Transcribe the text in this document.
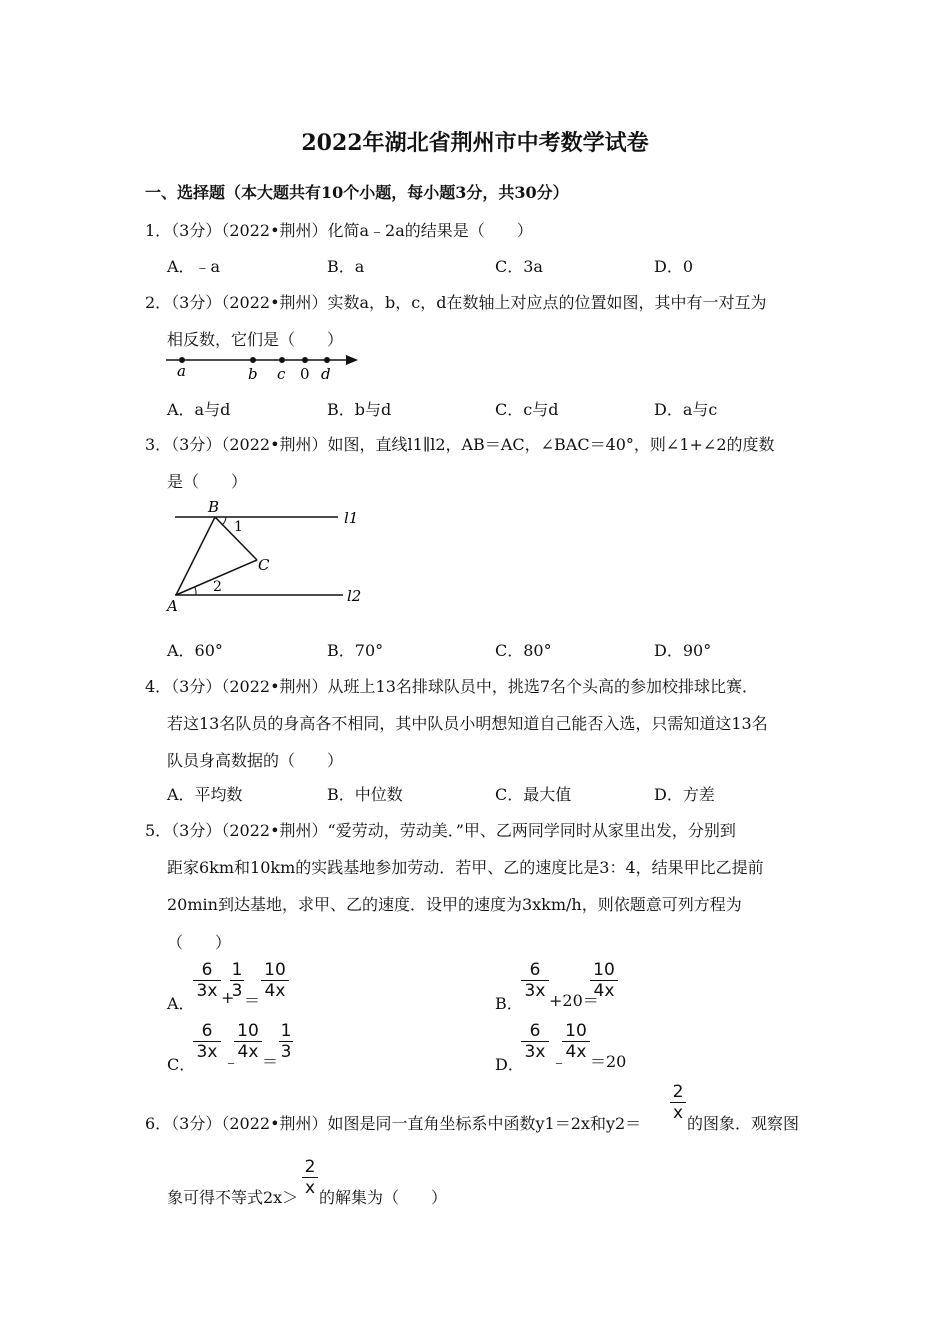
2022年湖北省荆州市中考数学试卷
一、选择题（本大题共有10个小题，每小题3分，共30分）
1．（3分）（2022•荆州）化简a﹣2a的结果是（　　）
A．﹣a	B．a	C．3a	D．0
2．（3分）（2022•荆州）实数a，b，c，d在数轴上对应点的位置如图，其中有一对互为
相反数，它们是（　　）
a	b c 0 d
A．a与d	B．b与d	C．c与d	D．a与c
3．（3分）（2022•荆州）如图，直线l1∥l2，AB＝AC，∠BAC＝40°，则∠1+∠2的度数
是（　　）
B
C
A
1
2
l1
l2
A．60°	B．70°	C．80°	D．90°
4．（3分）（2022•荆州）从班上13名排球队员中，挑选7名个头高的参加校排球比赛．
若这13名队员的身高各不相同，其中队员小明想知道自己能否入选，只需知道这13名
队员身高数据的（　　）
A．平均数	B．中位数	C．最大值	D．方差
5．（3分）（2022•荆州）“爱劳动，劳动美．”甲、乙两同学同时从家里出发，分别到
距家6km和10km的实践基地参加劳动．若甲、乙的速度比是3：4，结果甲比乙提前
20min到达基地，求甲、乙的速度．设甲的速度为3xkm/h，则依题意可列方程为
（　　）
A．
6
3x +
1
3 ＝
10
4x
B．
6
3x +20＝
10
4x
C．
6
3x ﹣
10
4x ＝
1
3
D．
6
3x ﹣
10
4x ＝20
6．（3分）（2022•荆州）如图是同一直角坐标系中函数y1＝2x和y2＝
2
x
的图象．观察图
象可得不等式2x＞
2
x 的解集为（　　）
